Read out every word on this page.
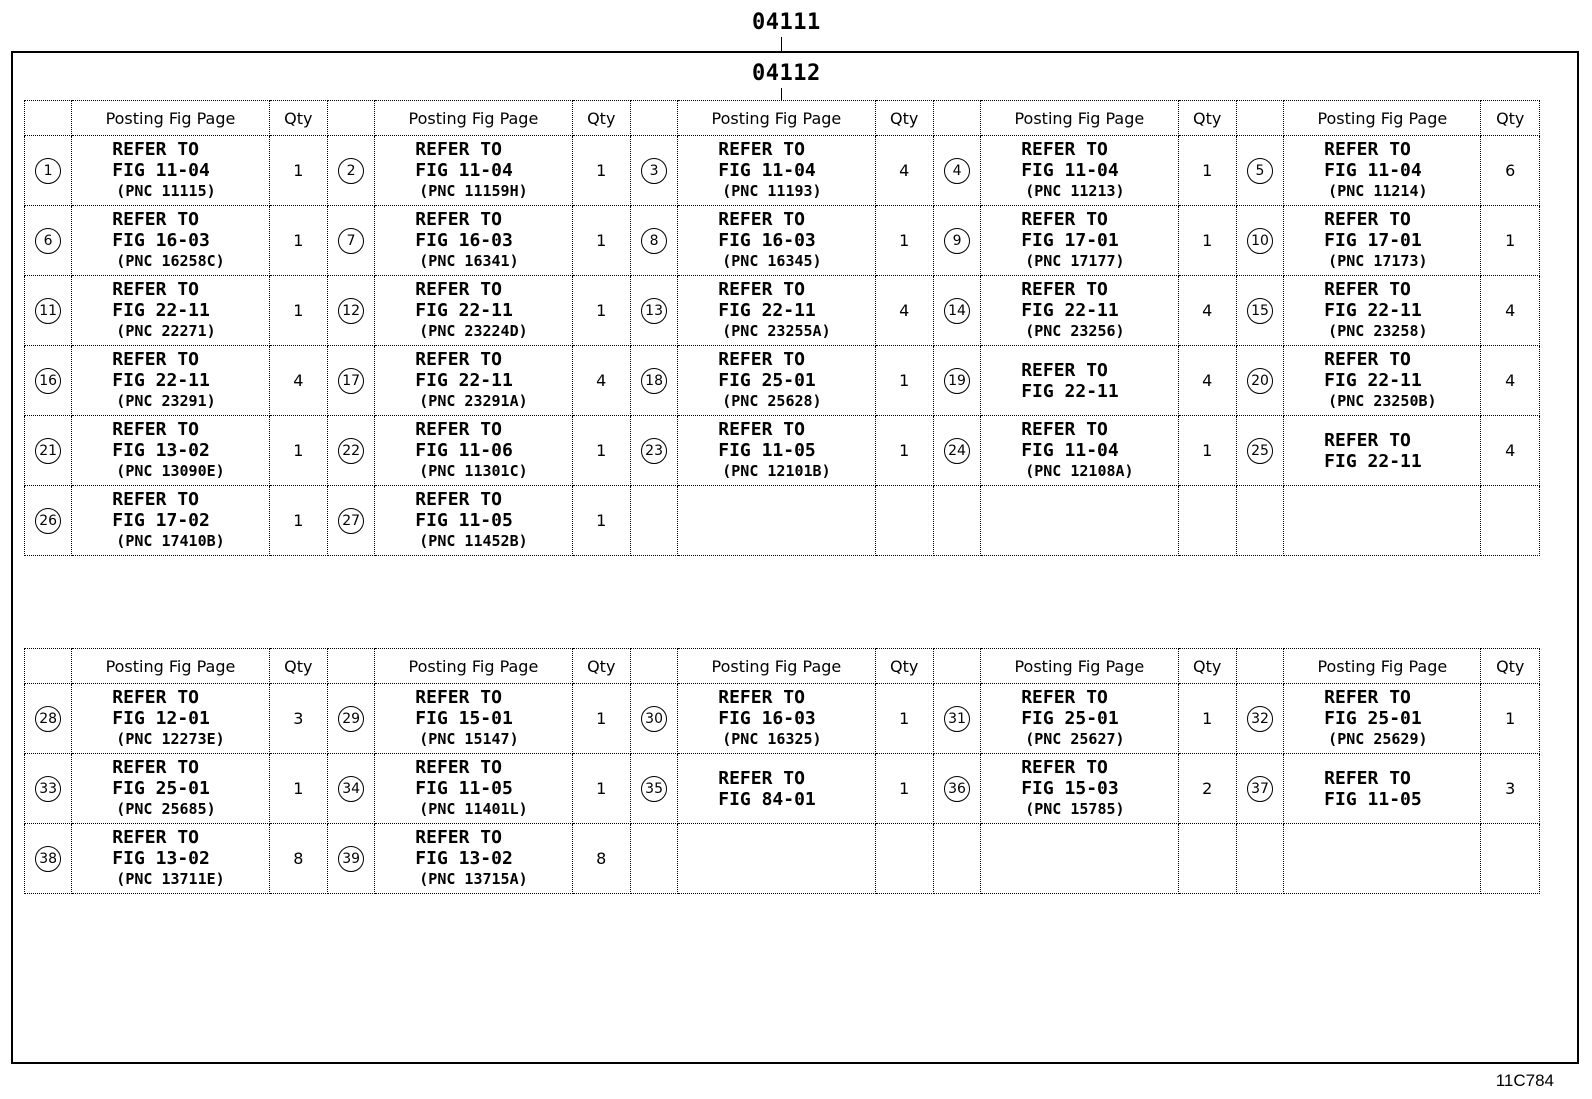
04111
04112
	Posting Fig Page	Qty		Posting Fig Page	Qty		Posting Fig Page	Qty		Posting Fig Page	Qty		Posting Fig Page	Qty
1	REFER TO
FIG 11-04
(PNC 11115)	1	2	REFER TO
FIG 11-04
(PNC 11159H)	1	3	REFER TO
FIG 11-04
(PNC 11193)	4	4	REFER TO
FIG 11-04
(PNC 11213)	1	5	REFER TO
FIG 11-04
(PNC 11214)	6
6	REFER TO
FIG 16-03
(PNC 16258C)	1	7	REFER TO
FIG 16-03
(PNC 16341)	1	8	REFER TO
FIG 16-03
(PNC 16345)	1	9	REFER TO
FIG 17-01
(PNC 17177)	1	10	REFER TO
FIG 17-01
(PNC 17173)	1
11	REFER TO
FIG 22-11
(PNC 22271)	1	12	REFER TO
FIG 22-11
(PNC 23224D)	1	13	REFER TO
FIG 22-11
(PNC 23255A)	4	14	REFER TO
FIG 22-11
(PNC 23256)	4	15	REFER TO
FIG 22-11
(PNC 23258)	4
16	REFER TO
FIG 22-11
(PNC 23291)	4	17	REFER TO
FIG 22-11
(PNC 23291A)	4	18	REFER TO
FIG 25-01
(PNC 25628)	1	19	REFER TO
FIG 22-11	4	20	REFER TO
FIG 22-11
(PNC 23250B)	4
21	REFER TO
FIG 13-02
(PNC 13090E)	1	22	REFER TO
FIG 11-06
(PNC 11301C)	1	23	REFER TO
FIG 11-05
(PNC 12101B)	1	24	REFER TO
FIG 11-04
(PNC 12108A)	1	25	REFER TO
FIG 22-11	4
26	REFER TO
FIG 17-02
(PNC 17410B)	1	27	REFER TO
FIG 11-05
(PNC 11452B)	1									
	Posting Fig Page	Qty		Posting Fig Page	Qty		Posting Fig Page	Qty		Posting Fig Page	Qty		Posting Fig Page	Qty
28	REFER TO
FIG 12-01
(PNC 12273E)	3	29	REFER TO
FIG 15-01
(PNC 15147)	1	30	REFER TO
FIG 16-03
(PNC 16325)	1	31	REFER TO
FIG 25-01
(PNC 25627)	1	32	REFER TO
FIG 25-01
(PNC 25629)	1
33	REFER TO
FIG 25-01
(PNC 25685)	1	34	REFER TO
FIG 11-05
(PNC 11401L)	1	35	REFER TO
FIG 84-01	1	36	REFER TO
FIG 15-03
(PNC 15785)	2	37	REFER TO
FIG 11-05	3
38	REFER TO
FIG 13-02
(PNC 13711E)	8	39	REFER TO
FIG 13-02
(PNC 13715A)	8									
11C784
